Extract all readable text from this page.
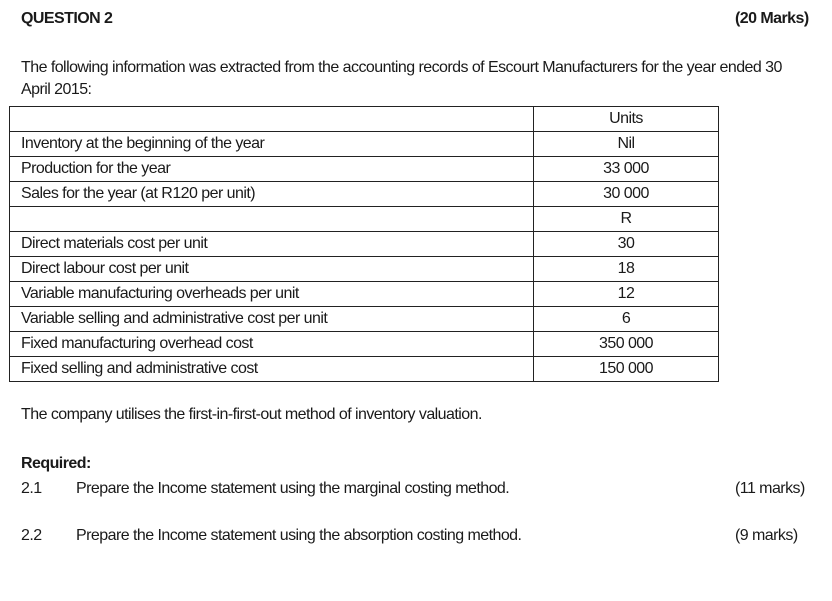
QUESTION 2	(20 Marks)
The following information was extracted from the accounting records of Escourt Manufacturers for the year ended 30
April 2015:
	Units
Inventory at the beginning of the year	Nil
Production for the year	33 000
Sales for the year (at R120 per unit)	30 000
	R
Direct materials cost per unit	30
Direct labour cost per unit	18
Variable manufacturing overheads per unit	12
Variable selling and administrative cost per unit	6
Fixed manufacturing overhead cost	350 000
Fixed selling and administrative cost	150 000
The company utilises the first-in-first-out method of inventory valuation.
Required:
2.1 Prepare the Income statement using the marginal costing method.	(11 marks)
2.2 Prepare the Income statement using the absorption costing method.	(9 marks)
